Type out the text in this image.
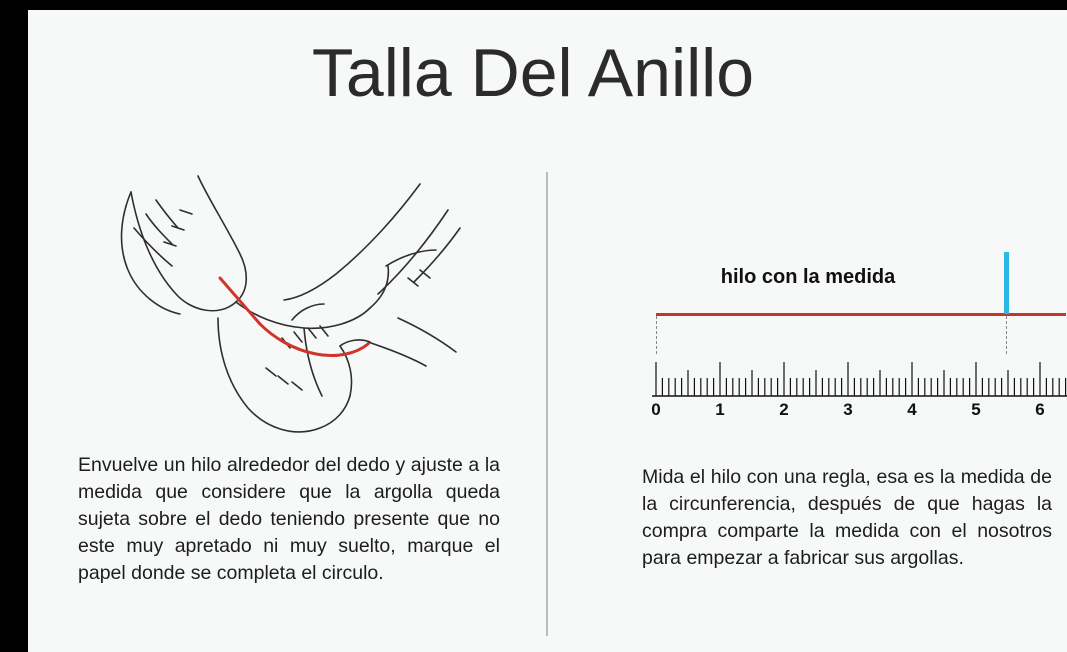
Talla Del Anillo
Envuelve un hilo alrededor del dedo y ajuste a la medida que considere que la argolla queda sujeta sobre el dedo teniendo presente que no este muy apretado ni muy suelto, marque el papel donde se completa el circulo.
hilo con la medida
0	1	2	3	4	5	6
Mida el hilo con una regla, esa es la medida de la circunferencia, después de que hagas la compra comparte la medida con el nosotros para empezar a fabricar sus argollas.
